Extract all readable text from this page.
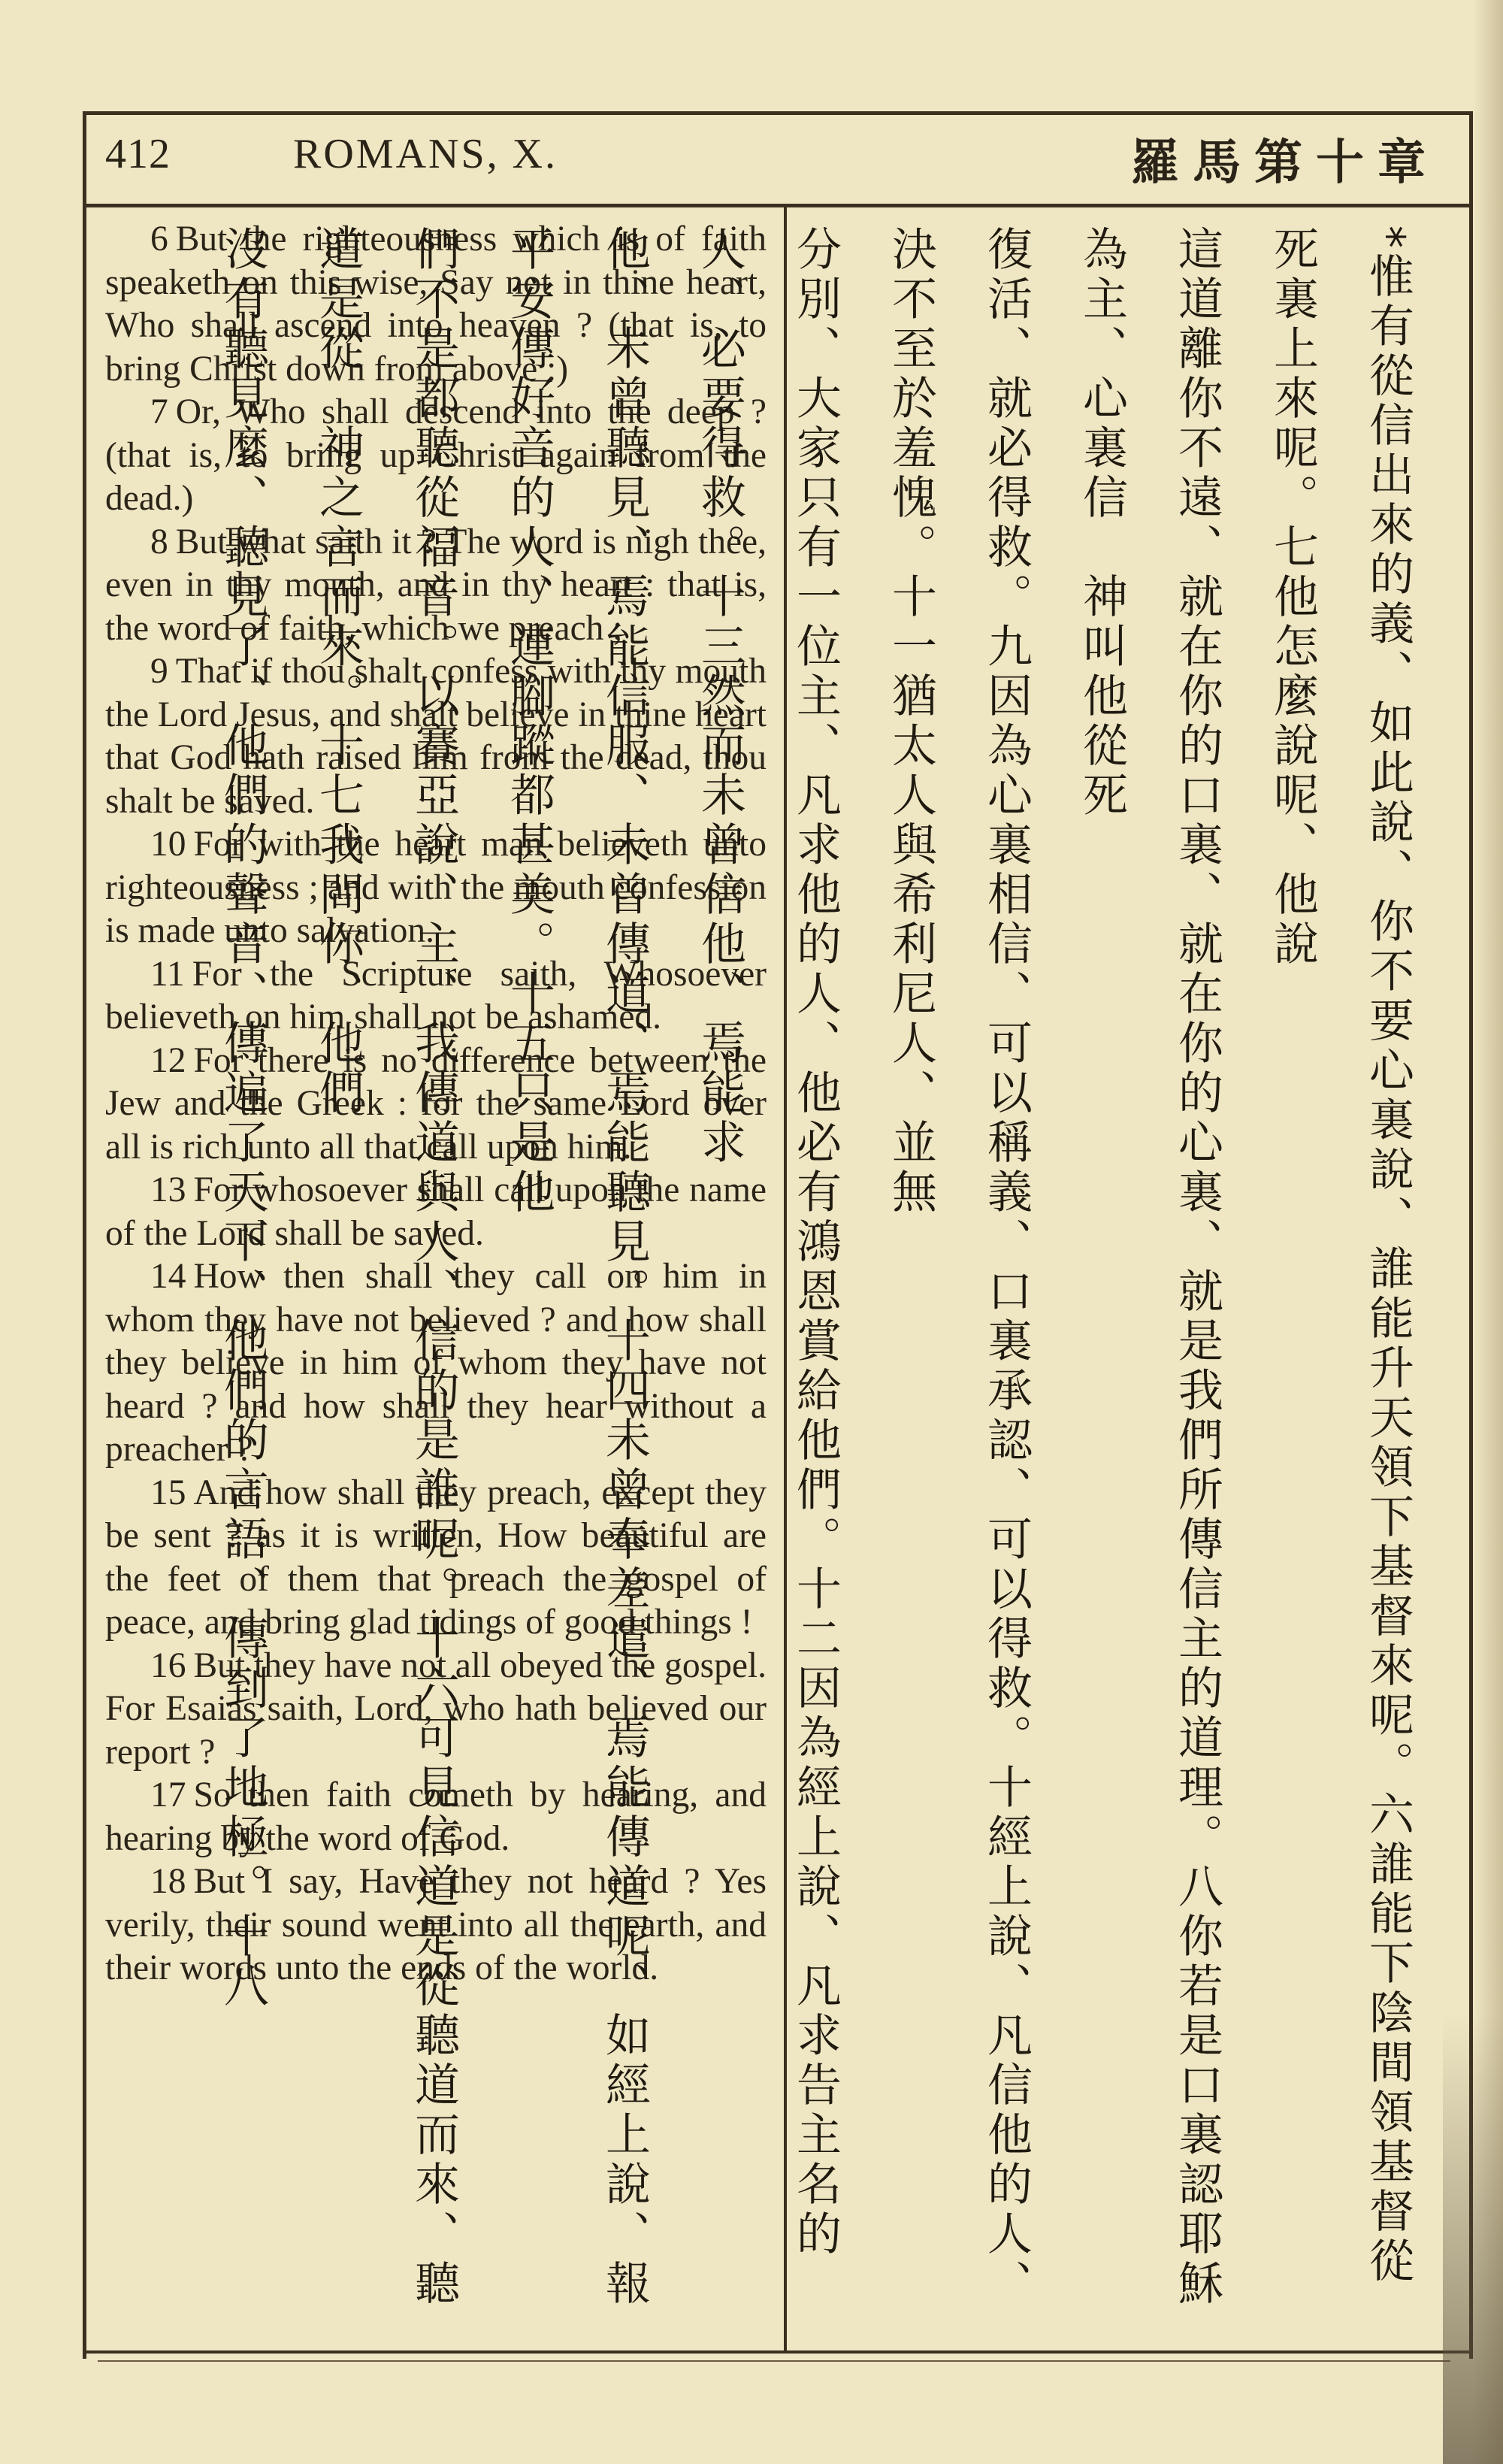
412	ROMANS, X.	羅馬第十章

6 But the righteousness which is of faith speaketh on this wise, Say not in thine heart, Who shall ascend into heaven ? (that is, to bring Christ down from above :)

7 Or, Who shall descend into the deep ? (that is, to bring up Christ again from the dead.)

8 But what saith it ? The word is nigh thee, even in thy mouth, and in thy heart : that is, the word of faith, which we preach ;

9 That if thou shalt confess with thy mouth the Lord Jesus, and shalt believe in thine heart that God hath raised him from the dead, thou shalt be saved.

10 For with the heart man believeth unto righteousness ; and with the mouth confession is made unto salvation.

11 For the Scripture saith, Whosoever believeth on him shall not be ashamed.

12 For there is no difference between the Jew and the Greek : for the same Lord over all is rich unto all that call upon him.

13 For whosoever shall call upon the name of the Lord shall be saved.

14 How then shall they call on him in whom they have not believed ? and how shall they believe in him of whom they have not heard ? and how shall they hear without a preacher ?

15 And how shall they preach, except they be sent ? as it is written, How beautiful are the feet of them that preach the gospel of peace, and bring glad tidings of good things !

16 But they have not all obeyed the gospel. For Esaias saith, Lord, who hath believed our report ?

17 So then faith cometh by hearing, and hearing by the word of God.

18 But I say, Have they not heard ? Yes verily, their sound went into all the earth, and their words unto the ends of the world.	*惟有從信出來的義、如此說、你不要心裏說、誰能升天領下基督來呢。六誰能下陰間領基督從死裏上來呢。七他怎麼說呢、他說

這道離你不遠、就在你的口裏、就在你的心裏、就是我們所傳信主的道理。八你若是口裏認耶穌為主、心裏信　神叫他從死

復活、就必得救。九因為心裏相信、可以稱義、口裏承認、可以得救。十經上說、凡信他的人、決不至於羞愧。十一猶太人與希利尼人、並無

分別、大家只有一位主、凡求他的人、他必有鴻恩賞給他們。十二因為經上說、凡求告主名的人、必要得救。十三然而未曾信他、焉能求

他、未曾聽見、焉能信服、未曾傳道、焉能聽見。十四未曾奉差遣、焉能傳道呢、如經上說、報平安傳好音的人、連腳蹤都甚美。十五只是他

們不是都聽從福音。以賽亞說、主、我傳道與人、信的是誰呢。十六可見信道是從聽道而來、聽道是從　神之言而來。十七我問你、他們

沒有聽見麼、聽見了、他們的聲音、傳遍了天下、他們的言語、傳到了地極。十八
